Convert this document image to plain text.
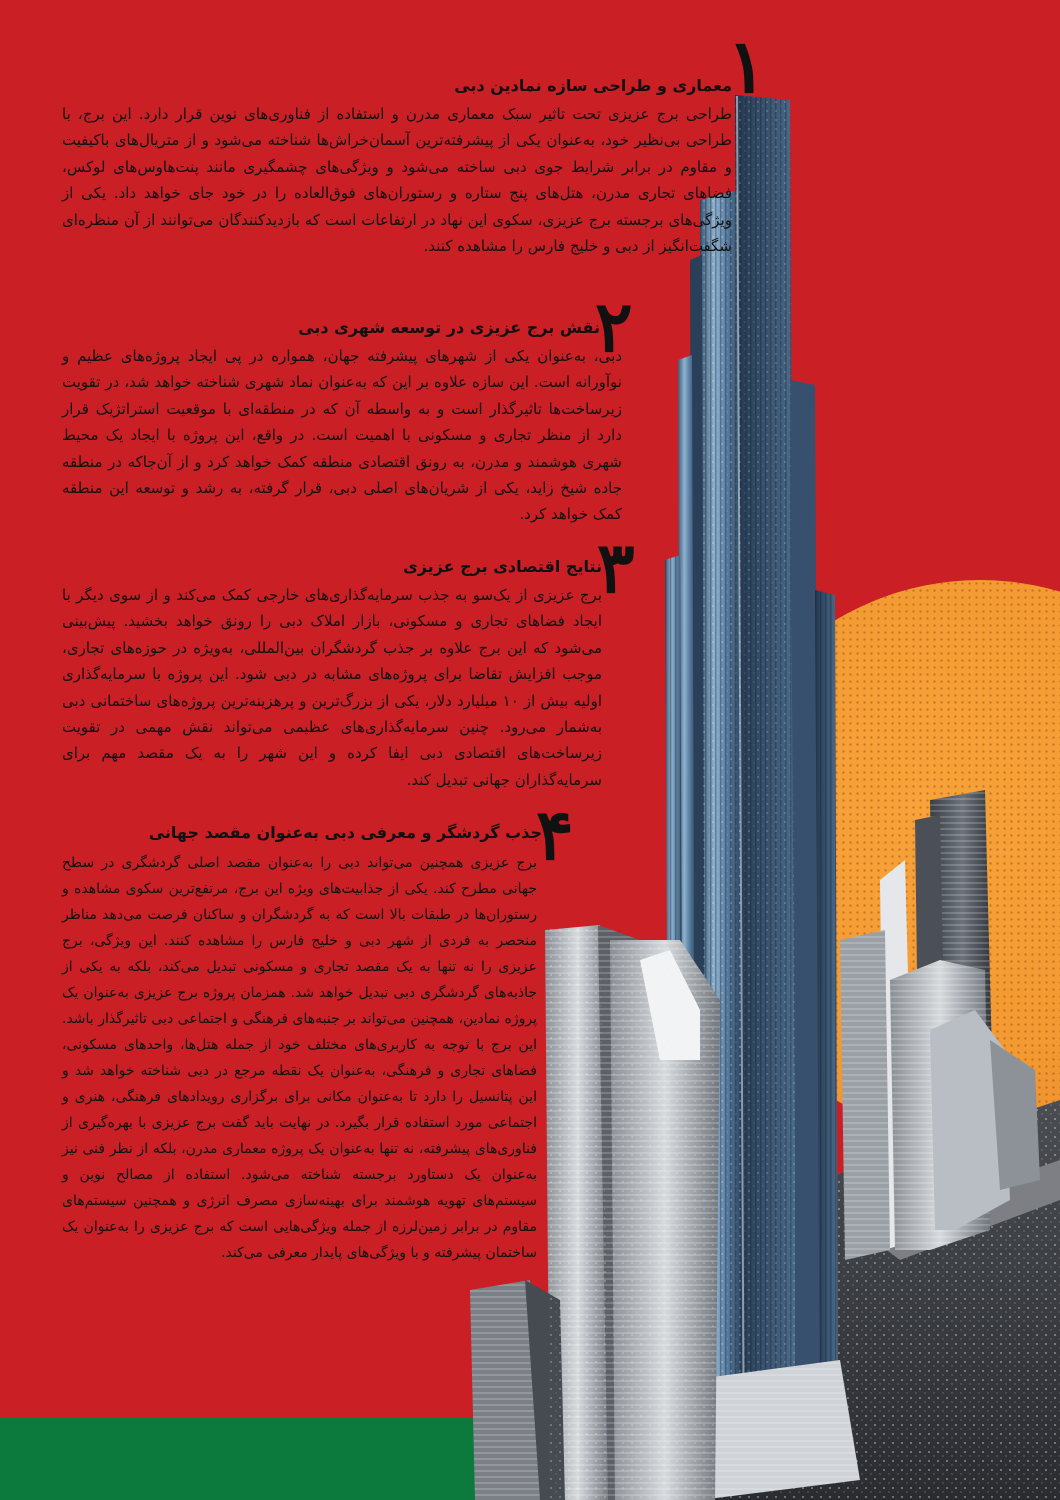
۱
معماری و طراحی سازه نمادین دبی

طراحی برج عزیزی تحت تاثیر سبک معماری مدرن و استفاده از فناوری‌های نوین قرار دارد. این برج، با طراحی بی‌نظیر خود، به‌عنوان یکی از پیشرفته‌ترین آسمان‌خراش‌ها شناخته می‌شود و از متریال‌های باکیفیت و مقاوم در برابر شرایط جوی دبی ساخته می‌شود و ویژگی‌های چشمگیری مانند پنت‌هاوس‌های لوکس، فضاهای تجاری مدرن، هتل‌های پنج ستاره و رستوران‌های فوق‌العاده را در خود جای خواهد داد. یکی از ویژگی‌های برجسته برج عزیزی، سکوی این نهاد در ارتفاعات است که بازدیدکنندگان می‌توانند از آن منظره‌ای شگفت‌انگیز از دبی و خلیج فارس را مشاهده کنند.

۲
نقش برج عزیزی در توسعه شهری دبی

دبی، به‌عنوان یکی از شهرهای پیشرفته جهان، همواره در پی ایجاد پروژه‌های عظیم و نوآورانه است. این سازه علاوه بر این که به‌عنوان نماد شهری شناخته خواهد شد، در تقویت زیرساخت‌ها تاثیرگذار است و به واسطه آن که در منطقه‌ای با موقعیت استراتژیک قرار دارد از منظر تجاری و مسکونی با اهمیت است. در واقع، این پروژه با ایجاد یک محیط شهری هوشمند و مدرن، به رونق اقتصادی منطقه کمک خواهد کرد و از آن‌جاکه در منطقه جاده شیخ زاید، یکی از شریان‌های اصلی دبی، قرار گرفته، به رشد و توسعه این منطقه کمک خواهد کرد.

۳
نتایج اقتصادی برج عزیزی

برج عزیزی از یک‌سو به جذب سرمایه‌گذاری‌های خارجی کمک می‌کند و از سوی دیگر با ایجاد فضاهای تجاری و مسکونی، بازار املاک دبی را رونق خواهد بخشید. پیش‌بینی می‌شود که این برج علاوه بر جذب گردشگران بین‌المللی، به‌ویژه در حوزه‌های تجاری، موجب افزایش تقاضا برای پروژه‌های مشابه در دبی شود. این پروژه با سرمایه‌گذاری اولیه بیش از ۱۰ میلیارد دلار، یکی از بزرگ‌ترین و پرهزینه‌ترین پروژه‌های ساختمانی دبی به‌شمار می‌رود. چنین سرمایه‌گذاری‌های عظیمی می‌تواند نقش مهمی در تقویت زیرساخت‌های اقتصادی دبی ایفا کرده و این شهر را به یک مقصد مهم برای سرمایه‌گذاران جهانی تبدیل کند.

۴
جذب گردشگر و معرفی دبی به‌عنوان مقصد جهانی

برج عزیزی همچنین می‌تواند دبی را به‌عنوان مقصد اصلی گردشگری در سطح جهانی مطرح کند. یکی از جذابیت‌های ویژه این برج، مرتفع‌ترین سکوی مشاهده و رستوران‌ها در طبقات بالا است که به گردشگران و ساکنان فرصت می‌دهد مناظر منحصر به فردی از شهر دبی و خلیج فارس را مشاهده کنند. این ویژگی، برج عزیزی را نه تنها به یک مقصد تجاری و مسکونی تبدیل می‌کند، بلکه به یکی از جاذبه‌های گردشگری دبی تبدیل خواهد شد. همزمان پروژه برج عزیزی به‌عنوان یک پروژه نمادین، همچنین می‌تواند بر جنبه‌های فرهنگی و اجتماعی دبی تاثیرگذار باشد. این برج با توجه به کاربری‌های مختلف خود از جمله هتل‌ها، واحدهای مسکونی، فضاهای تجاری و فرهنگی، به‌عنوان یک نقطه مرجع در دبی شناخته خواهد شد و این پتانسیل را دارد تا به‌عنوان مکانی برای برگزاری رویدادهای فرهنگی، هنری و اجتماعی مورد استفاده قرار بگیرد. در نهایت باید گفت برج عزیزی با بهره‌گیری از فناوری‌های پیشرفته، نه تنها به‌عنوان یک پروژه معماری مدرن، بلکه از نظر فنی نیز به‌عنوان یک دستاورد برجسته شناخته می‌شود. استفاده از مصالح نوین و سیستم‌های تهویه هوشمند برای بهینه‌سازی مصرف انرژی و همچنین سیستم‌های مقاوم در برابر زمین‌لرزه از جمله ویژگی‌هایی است که برج عزیزی را به‌عنوان یک ساختمان پیشرفته و با ویژگی‌های پایدار معرفی می‌کند.
